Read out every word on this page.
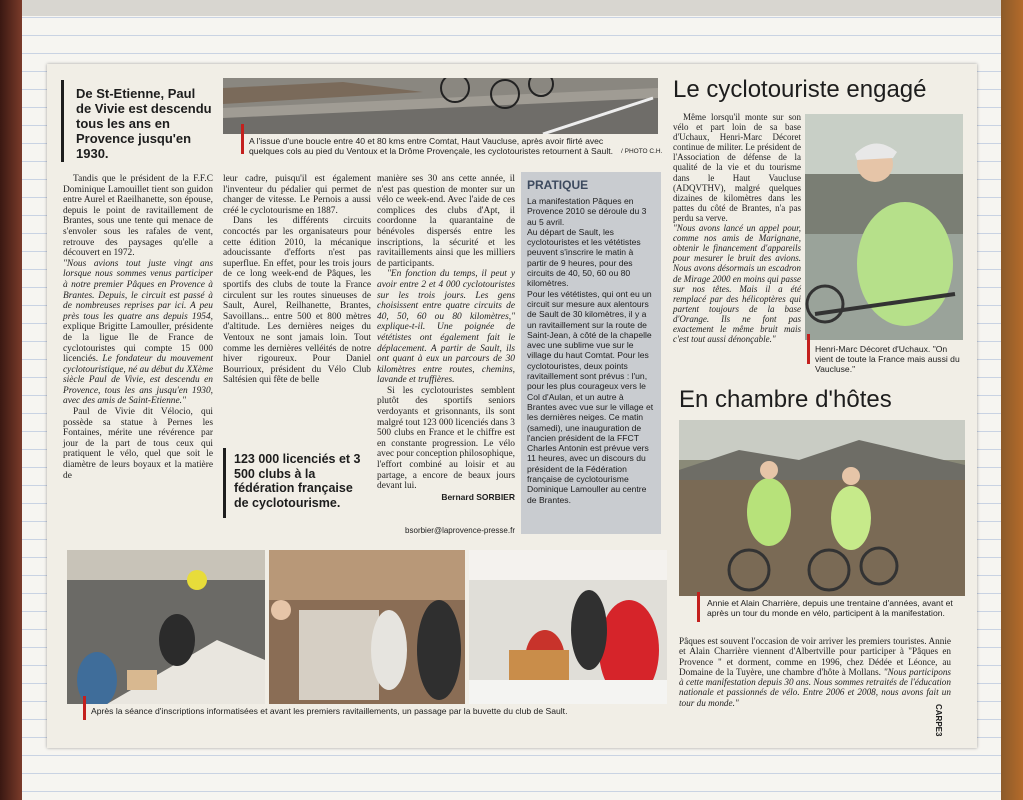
De St-Etienne, Paul de Vivie est descendu tous les ans en Provence jusqu'en 1930.
A l'issue d'une boucle entre 40 et 80 kms entre Comtat, Haut Vaucluse, après avoir flirté avec quelques cols au pied du Ventoux et la Drôme Provençale, les cyclotouristes retournent à Sault.	/ PHOTO C.H.

Tandis que le président de la F.F.C Dominique Lamouillet tient son guidon entre Aurel et Raeilhanette, son épouse, depuis le point de ravitaillement de Brantes, sous une tente qui menace de s'envoler sous les rafales de vent, retrouve des paysages qu'elle a découvert en 1972.

"Nous avions tout juste vingt ans lorsque nous sommes venus participer à notre premier Pâques en Provence à Brantes. Depuis, le circuit est passé à de nombreuses reprises par ici. A peu près tous les quatre ans depuis 1954, explique Brigitte Lamouller, présidente de la ligue Ile de France de cyclotouristes qui compte 15 000 licenciés. Le fondateur du mouvement cyclotouristique, né au début du XXème siècle Paul de Vivie, est descendu en Provence, tous les ans jusqu'en 1930, avec des amis de Saint-Etienne."

Paul de Vivie dit Vélocio, qui possède sa statue à Pernes les Fontaines, mérite une révérence par jour de la part de tous ceux qui pratiquent le vélo, quel que soit le diamètre de leurs boyaux et la matière de

leur cadre, puisqu'il est également l'inventeur du pédalier qui permet de changer de vitesse. Le Pernois a aussi créé le cyclotourisme en 1887.

Dans les différents circuits concoctés par les organisateurs pour cette édition 2010, la mécanique adoucissante d'efforts n'est pas superflue. En effet, pour les trois jours de ce long week-end de Pâques, les sportifs des clubs de toute la France circulent sur les routes sinueuses de Sault, Aurel, Reilhanette, Brantes, Savoillans... entre 500 et 800 mètres d'altitude. Les dernières neiges du Ventoux ne sont jamais loin. Tout comme les dernières velléités de notre hiver rigoureux. Pour Daniel Bourrioux, président du Vélo Club Saltésien qui fête de belle

123 000 licenciés et 3 500 clubs à la fédération française de cyclotourisme.

manière ses 30 ans cette année, il n'est pas question de monter sur un vélo ce week-end. Avec l'aide de ces complices des clubs d'Apt, il coordonne la quarantaine de bénévoles dispersés entre les inscriptions, la sécurité et les ravitaillements ainsi que les milliers de participants.

"En fonction du temps, il peut y avoir entre 2 et 4 000 cyclotouristes sur les trois jours. Les gens choisissent entre quatre circuits de 40, 50, 60 ou 80 kilomètres," explique-t-il. Une poignée de vététistes ont également fait le déplacement. A partir de Sault, ils ont quant à eux un parcours de 30 kilomètres entre routes, chemins, lavande et truffières.

Si les cyclotouristes semblent plutôt des sportifs seniors verdoyants et grisonnants, ils sont malgré tout 123 000 licenciés dans 3 500 clubs en France et le chiffre est en constante progression. Le vélo avec pour conception philosophique, l'effort combiné au loisir et au partage, a encore de beaux jours devant lui.

Bernard SORBIER
bsorbier@laprovence-presse.fr
PRATIQUE
La manifestation Pâques en Provence 2010 se déroule du 3 au 5 avril.
Au départ de Sault, les cyclotouristes et les vététistes peuvent s'inscrire le matin à partir de 9 heures, pour des circuits de 40, 50, 60 ou 80 kilomètres.
Pour les vététistes, qui ont eu un circuit sur mesure aux alentours de Sault de 30 kilomètres, il y a un ravitaillement sur la route de Saint-Jean, à côté de la chapelle avec une sublime vue sur le village du haut Comtat. Pour les cyclotouristes, deux points ravitaillement sont prévus : l'un, pour les plus courageux vers le Col d'Aulan, et un autre à Brantes avec vue sur le village et les dernières neiges. Ce matin (samedi), une inauguration de l'ancien président de la FFCT Charles Antonin est prévue vers 11 heures, avec un discours du président de la Fédération française de cyclotourisme Dominique Lamouller au centre de Brantes.
Le cyclotouriste engagé

Même lorsqu'il monte sur son vélo et part loin de sa base d'Uchaux, Henri-Marc Décoret continue de militer. Le président de l'Association de défense de la qualité de la vie et du tourisme dans le Haut Vaucluse (ADQVTHV), malgré quelques dizaines de kilomètres dans les pattes du côté de Brantes, n'a pas perdu sa verve.

"Nous avons lancé un appel pour, comme nos amis de Marignane, obtenir le financement d'appareils pour mesurer le bruit des avions. Nous avons désormais un escadron de Mirage 2000 en moins qui passe sur nos têtes. Mais il a été remplacé par des hélicoptères qui partent toujours de la base d'Orange. Ils ne font pas exactement le même bruit mais c'est tout aussi dénonçable."

Henri-Marc Décoret d'Uchaux. "On vient de toute la France mais aussi du Vaucluse."
En chambre d'hôtes
Annie et Alain Charrière, depuis une trentaine d'années, avant et après un tour du monde en vélo, participent à la manifestation.
Pâques est souvent l'occasion de voir arriver les premiers touristes. Annie et Alain Charrière viennent d'Albertville pour participer à "Pâques en Provence " et dorment, comme en 1996, chez Dédée et Léonce, au Domaine de la Tuyère, une chambre d'hôte à Mollans. "Nous participons à cette manifestation depuis 30 ans. Nous sommes retraités de l'éducation nationale et passionnés de vélo. Entre 2006 et 2008, nous avons fait un tour du monde."
CARPE3
Après la séance d'inscriptions informatisées et avant les premiers ravitaillements, un passage par la buvette du club de Sault.
